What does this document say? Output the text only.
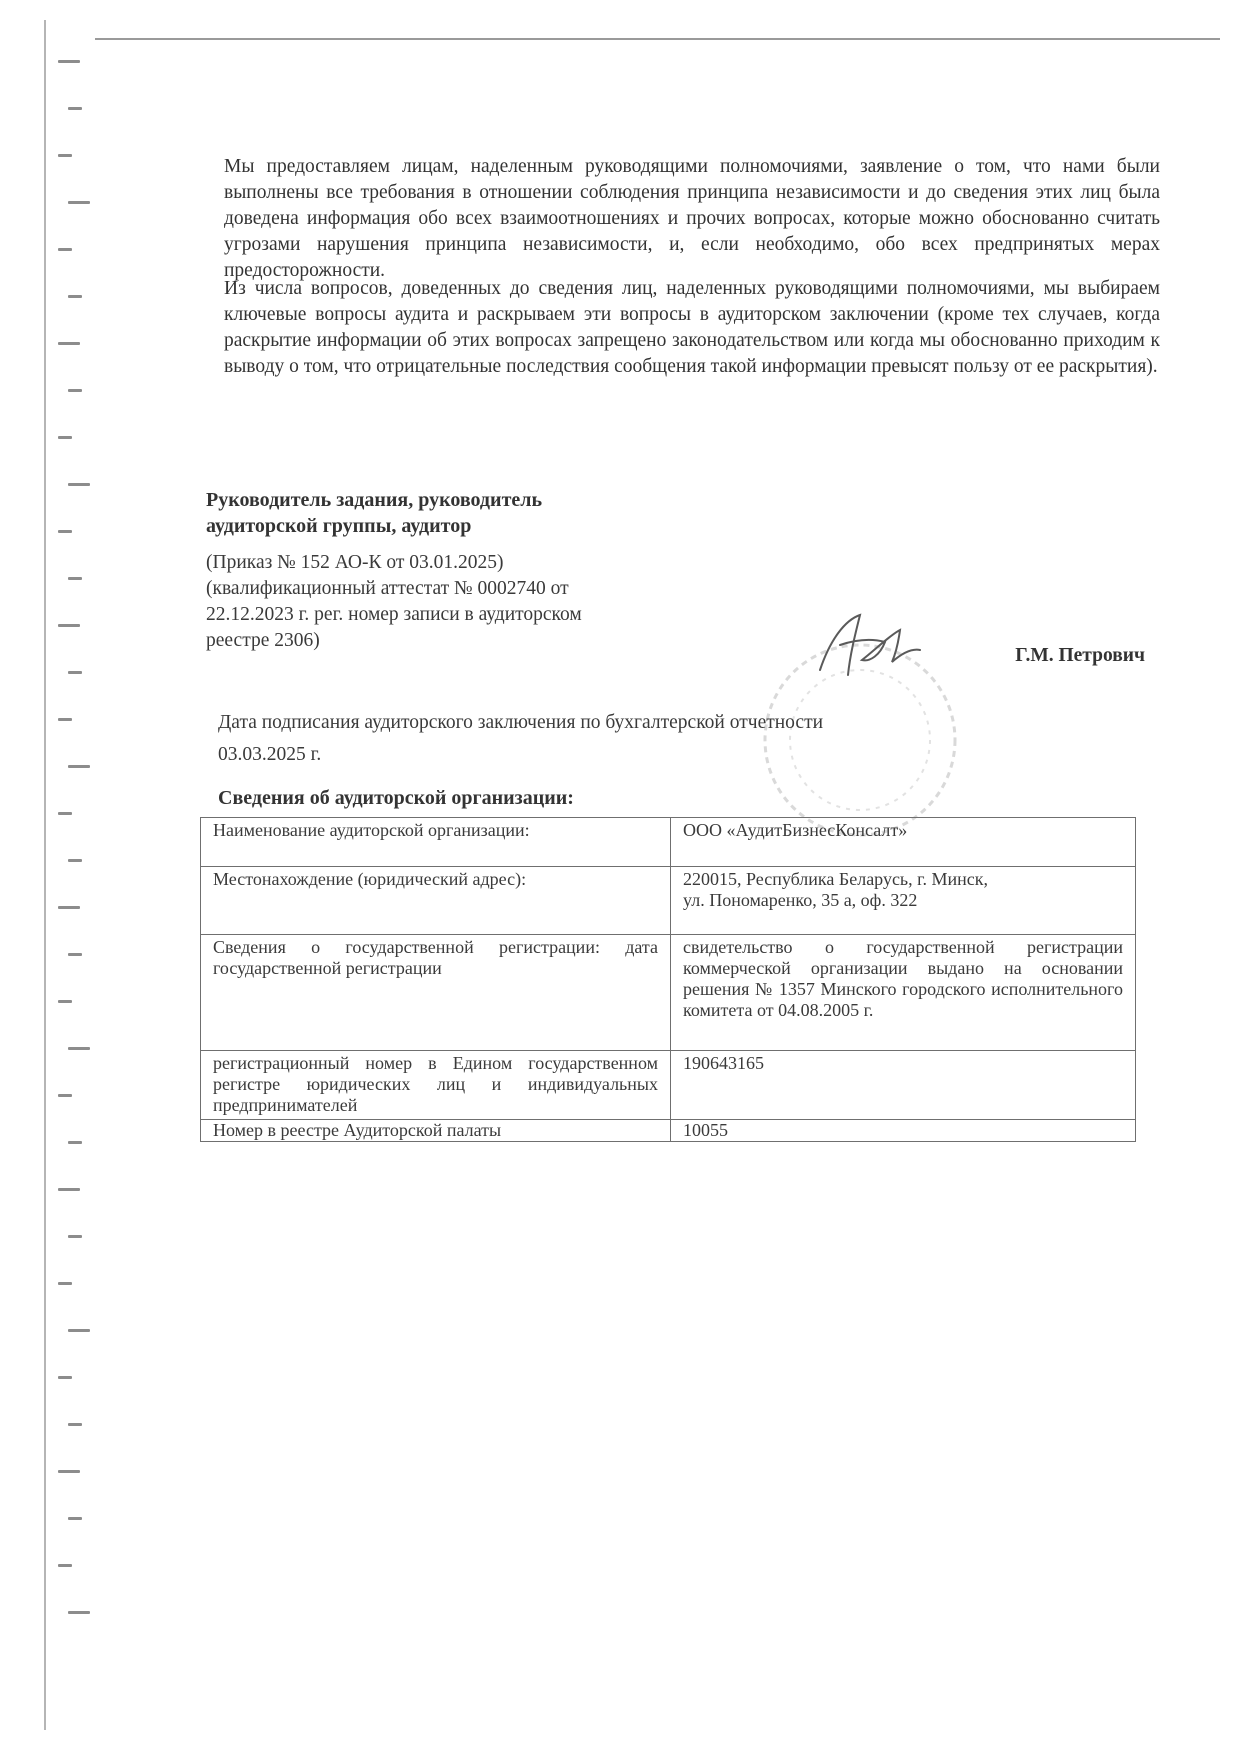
Мы предоставляем лицам, наделенным руководящими полномочиями, заявление о том, что нами были выполнены все требования в отношении соблюдения принципа независимости и до сведения этих лиц была доведена информация обо всех взаимоотношениях и прочих вопросах, которые можно обоснованно считать угрозами нарушения принципа независимости, и, если необходимо, обо всех предпринятых мерах предосторожности.

Из числа вопросов, доведенных до сведения лиц, наделенных руководящими полномочиями, мы выбираем ключевые вопросы аудита и раскрываем эти вопросы в аудиторском заключении (кроме тех случаев, когда раскрытие информации об этих вопросах запрещено законодательством или когда мы обоснованно приходим к выводу о том, что отрицательные последствия сообщения такой информации превысят пользу от ее раскрытия).

Руководитель задания, руководитель
аудиторской группы, аудитор
(Приказ № 152 АО-К от 03.01.2025)
(квалификационный аттестат № 0002740 от
22.12.2023 г. рег. номер записи в аудиторском
реестре 2306)
Г.М. Петрович
Дата подписания аудиторского заключения по бухгалтерской отчетности
03.03.2025 г.
Сведения об аудиторской организации:
Наименование аудиторской организации:	ООО «АудитБизнесКонсалт»
Местонахождение (юридический адрес):	220015, Республика Беларусь, г. Минск,
ул. Пономаренко, 35 а, оф. 322

Сведения о государственной регистрации: дата государственной регистрации	свидетельство о государственной регистрации коммерческой организации выдано на основании решения № 1357 Минского городского исполнительного комитета от 04.08.2005 г.
регистрационный номер в Едином государственном регистре юридических лиц и индивидуальных предпринимателей	190643165
Номер в реестре Аудиторской палаты	10055
